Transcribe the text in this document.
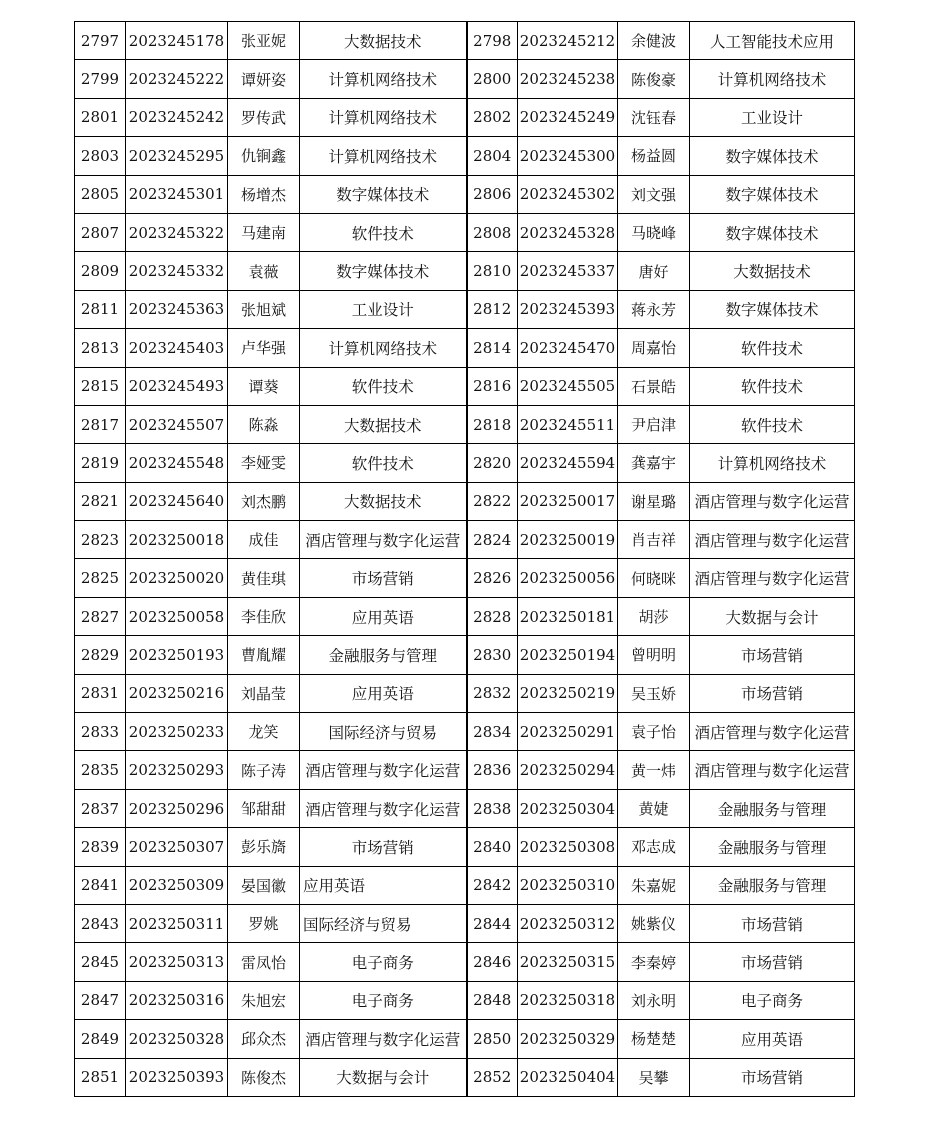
2797	2023245178	张亚妮	大数据技术	2798	2023245212	余健波	人工智能技术应用
2799	2023245222	谭妍姿	计算机网络技术	2800	2023245238	陈俊豪	计算机网络技术
2801	2023245242	罗传武	计算机网络技术	2802	2023245249	沈钰春	工业设计
2803	2023245295	仇锏鑫	计算机网络技术	2804	2023245300	杨益圆	数字媒体技术
2805	2023245301	杨增杰	数字媒体技术	2806	2023245302	刘文强	数字媒体技术
2807	2023245322	马建南	软件技术	2808	2023245328	马晓峰	数字媒体技术
2809	2023245332	袁薇	数字媒体技术	2810	2023245337	唐好	大数据技术
2811	2023245363	张旭斌	工业设计	2812	2023245393	蒋永芳	数字媒体技术
2813	2023245403	卢华强	计算机网络技术	2814	2023245470	周嘉怡	软件技术
2815	2023245493	谭葵	软件技术	2816	2023245505	石景皓	软件技术
2817	2023245507	陈淼	大数据技术	2818	2023245511	尹启津	软件技术
2819	2023245548	李娅雯	软件技术	2820	2023245594	龚嘉宇	计算机网络技术
2821	2023245640	刘杰鹏	大数据技术	2822	2023250017	谢星璐	酒店管理与数字化运营
2823	2023250018	成佳	酒店管理与数字化运营	2824	2023250019	肖吉祥	酒店管理与数字化运营
2825	2023250020	黄佳琪	市场营销	2826	2023250056	何晓咪	酒店管理与数字化运营
2827	2023250058	李佳欣	应用英语	2828	2023250181	胡莎	大数据与会计
2829	2023250193	曹胤耀	金融服务与管理	2830	2023250194	曾明明	市场营销
2831	2023250216	刘晶莹	应用英语	2832	2023250219	吴玉娇	市场营销
2833	2023250233	龙笑	国际经济与贸易	2834	2023250291	袁子怡	酒店管理与数字化运营
2835	2023250293	陈子涛	酒店管理与数字化运营	2836	2023250294	黄一炜	酒店管理与数字化运营
2837	2023250296	邹甜甜	酒店管理与数字化运营	2838	2023250304	黄婕	金融服务与管理
2839	2023250307	彭乐旖	市场营销	2840	2023250308	邓志成	金融服务与管理
2841	2023250309	晏国徽	应用英语	2842	2023250310	朱嘉妮	金融服务与管理
2843	2023250311	罗姚	国际经济与贸易	2844	2023250312	姚紫仪	市场营销
2845	2023250313	雷凤怡	电子商务	2846	2023250315	李秦婷	市场营销
2847	2023250316	朱旭宏	电子商务	2848	2023250318	刘永明	电子商务
2849	2023250328	邱众杰	酒店管理与数字化运营	2850	2023250329	杨楚楚	应用英语
2851	2023250393	陈俊杰	大数据与会计	2852	2023250404	吴攀	市场营销
